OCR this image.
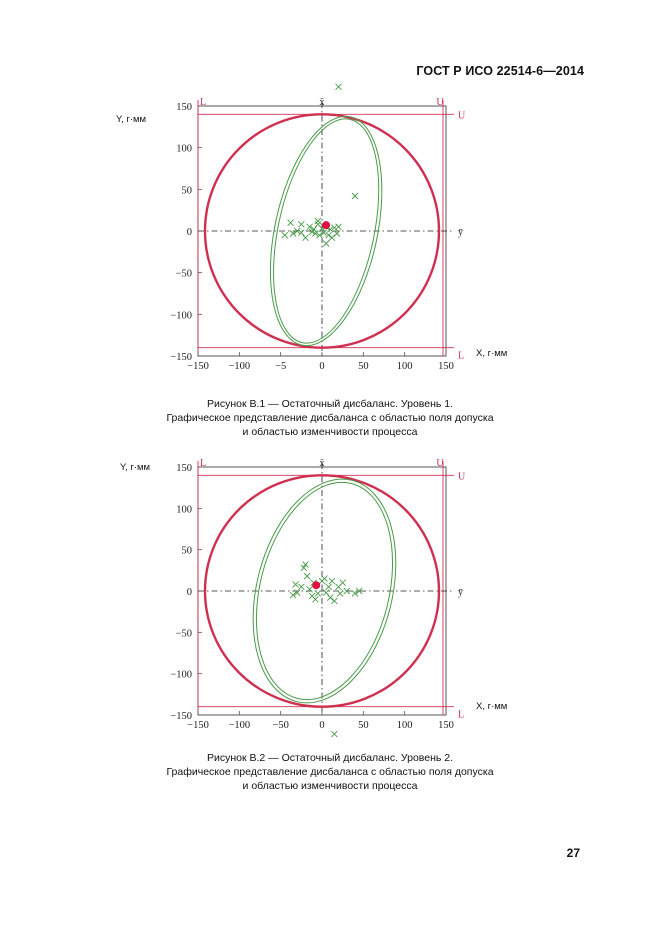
ГОСТ Р ИСО 22514-6—2014
Y, г·мм
X, г·мм
150
100
50
0
−50
−100
−150
−150 −100 −5	0	50	100 150
L	U
x̄
U
ȳ
L
Рисунок В.1 — Остаточный дисбаланс. Уровень 1.
Графическое представление дисбаланса с областью поля допуска
и областью изменчивости процесса
Y, г·мм
X, г·мм
150
100
50
0
−50
−100
−150
−150 −100 −50	0	50	100 150
L	U
x̄
U
ȳ
L
Рисунок В.2 — Остаточный дисбаланс. Уровень 2.
Графическое представление дисбаланса с областью поля допуска
и областью изменчивости процесса
27
